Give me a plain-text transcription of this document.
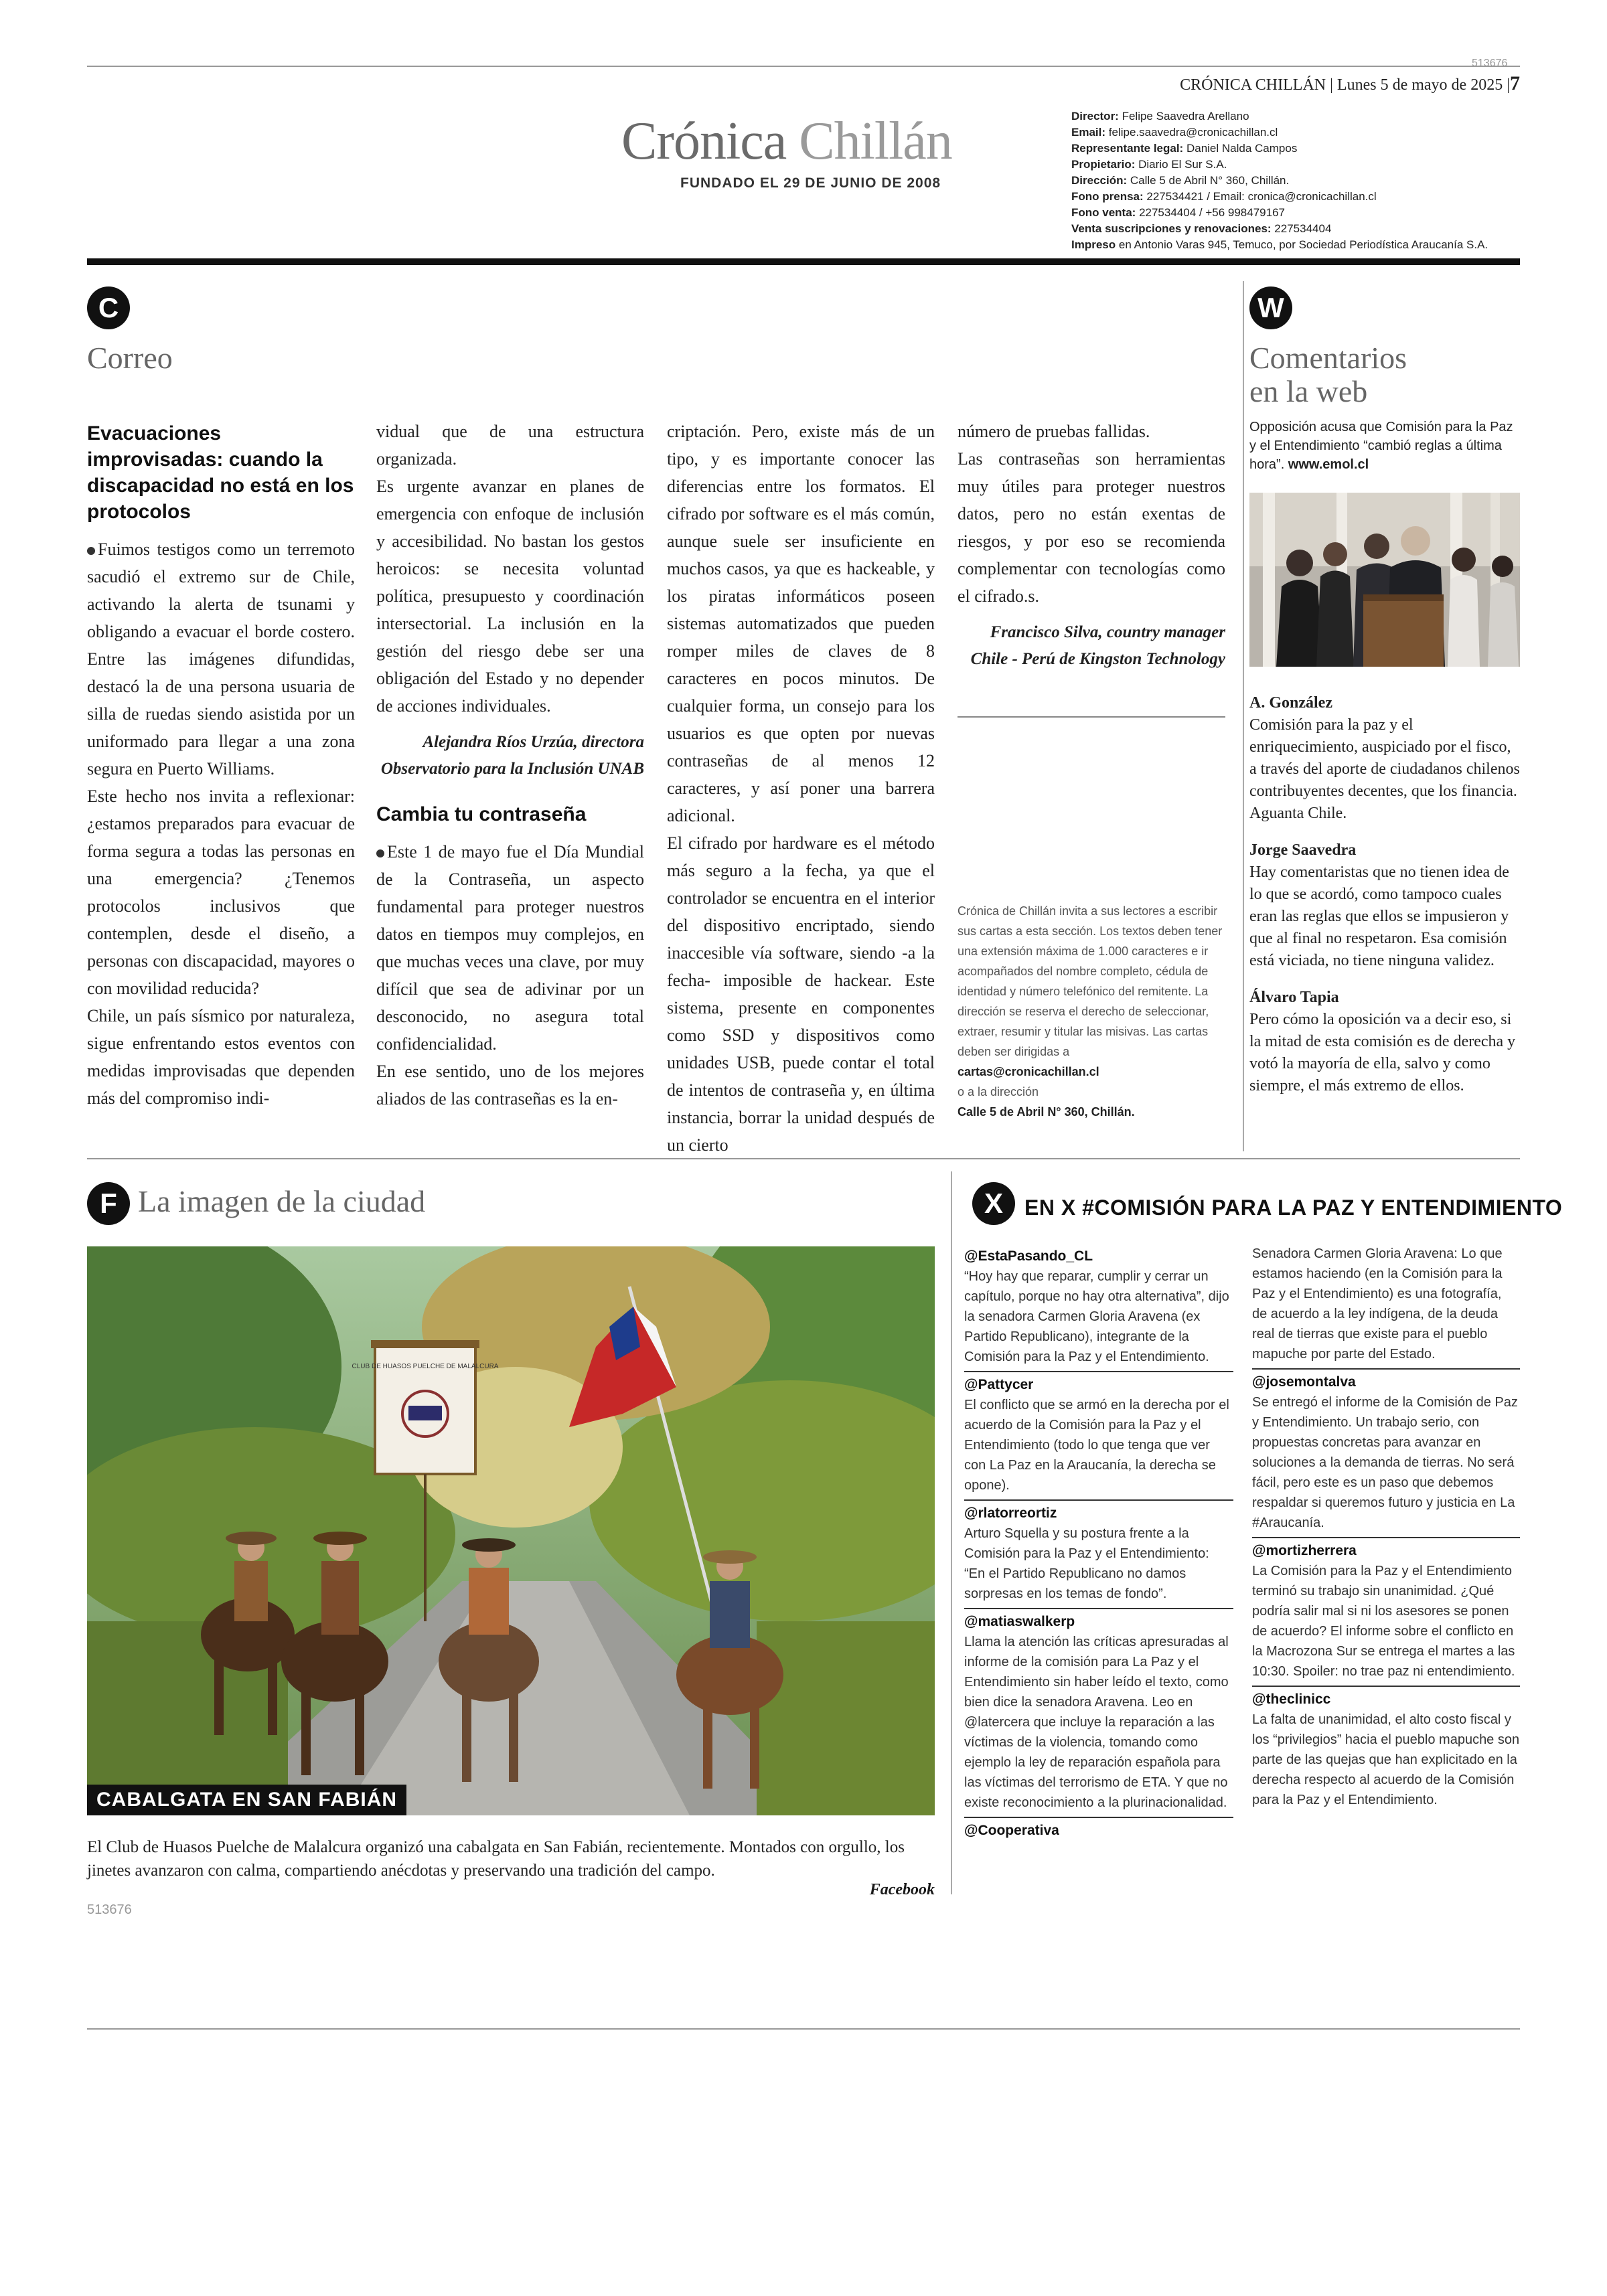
513676
CRÓNICA CHILLÁN | Lunes 5 de mayo de 2025 |7
Crónica Chillán
FUNDADO EL 29 DE JUNIO DE 2008
Director: Felipe Saavedra Arellano
Email: felipe.saavedra@cronicachillan.cl
Representante legal: Daniel Nalda Campos
Propietario: Diario El Sur S.A.
Dirección: Calle 5 de Abril N° 360, Chillán.
Fono prensa: 227534421 / Email: cronica@cronicachillan.cl
Fono venta: 227534404 / +56 998479167
Venta suscripciones y renovaciones: 227534404
Impreso en Antonio Varas 945, Temuco, por Sociedad Periodística Araucanía S.A.
C
Correo
Evacuaciones improvisadas: cuando la discapacidad no está en los protocolos

Fuimos testigos como un terremoto sacudió el extremo sur de Chile, activando la alerta de tsunami y obligando a evacuar el borde costero. Entre las imágenes difundidas, destacó la de una persona usuaria de silla de ruedas siendo asistida por un uniformado para llegar a una zona segura en Puerto Williams.

Este hecho nos invita a reflexionar: ¿estamos preparados para evacuar de forma segura a todas las personas en una emergencia? ¿Tenemos protocolos inclusivos que contemplen, desde el diseño, a personas con discapacidad, mayores o con movilidad reducida?

Chile, un país sísmico por naturaleza, sigue enfrentando estos eventos con medidas improvisadas que dependen más del compromiso indi-

vidual que de una estructura organizada.

Es urgente avanzar en planes de emergencia con enfoque de inclusión y accesibilidad. No bastan los gestos heroicos: se necesita voluntad política, presupuesto y coordinación intersectorial. La inclusión en la gestión del riesgo debe ser una obligación del Estado y no depender de acciones individuales.

Alejandra Ríos Urzúa, directora Observatorio para la Inclusión UNAB
Cambia tu contraseña

Este 1 de mayo fue el Día Mundial de la Contraseña, un aspecto fundamental para proteger nuestros datos en tiempos muy complejos, en que muchas veces una clave, por muy difícil que sea de adivinar por un desconocido, no asegura total confidencialidad.

En ese sentido, uno de los mejores aliados de las contraseñas es la en-

criptación. Pero, existe más de un tipo, y es importante conocer las diferencias entre los formatos. El cifrado por software es el más común, aunque suele ser insuficiente en muchos casos, ya que es hackeable, y los piratas informáticos poseen sistemas automatizados que pueden romper miles de claves de 8 caracteres en pocos minutos. De cualquier forma, un consejo para los usuarios es que opten por nuevas contraseñas de al menos 12 caracteres, y así poner una barrera adicional.

El cifrado por hardware es el método más seguro a la fecha, ya que el controlador se encuentra en el interior del dispositivo encriptado, siendo inaccesible vía software, siendo -a la fecha- imposible de hackear. Este sistema, presente en componentes como SSD y dispositivos como unidades USB, puede contar el total de intentos de contraseña y, en última instancia, borrar la unidad después de un cierto

número de pruebas fallidas.

Las contraseñas son herramientas muy útiles para proteger nuestros datos, pero no están exentas de riesgos, y por eso se recomienda complementar con tecnologías como el cifrado.s.

Francisco Silva, country manager Chile - Perú de Kingston Technology
Crónica de Chillán invita a sus lectores a escribir sus cartas a esta sección. Los textos deben tener una extensión máxima de 1.000 caracteres e ir acompañados del nombre completo, cédula de identidad y número telefónico del remitente. La dirección se reserva el derecho de seleccionar, extraer, resumir y titular las misivas. Las cartas deben ser dirigidas a
cartas@cronicachillan.cl
o a la dirección
Calle 5 de Abril N° 360, Chillán.
W
Comentarios
en la web
Opposición acusa que Comisión para la Paz y el Entendimiento “cambió reglas a última hora”. www.emol.cl
A. González
Comisión para la paz y el enriquecimiento, auspiciado por el fisco, a través del aporte de ciudadanos chilenos contribuyentes decentes, que los financia. Aguanta Chile.
Jorge Saavedra
Hay comentaristas que no tienen idea de lo que se acordó, como tampoco cuales eran las reglas que ellos se impusieron y que al final no respetaron. Esa comisión está viciada, no tiene ninguna validez.
Álvaro Tapia
Pero cómo la oposición va a decir eso, si la mitad de esta comisión es de derecha y votó la mayoría de ella, salvo y como siempre, el más extremo de ellos.
F La imagen de la ciudad
CLUB DE HUASOS PUELCHE DE MALALCURA
CABALGATA EN SAN FABIÁN
El Club de Huasos Puelche de Malalcura organizó una cabalgata en San Fabián, recientemente. Montados con orgullo, los jinetes avanzaron con calma, compartiendo anécdotas y preservando una tradición del campo.
Facebook
513676
X	EN X #COMISIÓN PARA LA PAZ Y ENTENDIMIENTO
@EstaPasando_CL

“Hoy hay que reparar, cumplir y cerrar un capítulo, porque no hay otra alternativa”, dijo la senadora Carmen Gloria Aravena (ex Partido Republicano), integrante de la Comisión para la Paz y el Entendimiento.

@Pattycer

El conflicto que se armó en la derecha por el acuerdo de la Comisión para la Paz y el Entendimiento (todo lo que tenga que ver con La Paz en la Araucanía, la derecha se opone).

@rlatorreortiz

Arturo Squella y su postura frente a la Comisión para la Paz y el Entendimiento: “En el Partido Republicano no damos sorpresas en los temas de fondo”.

@matiaswalkerp

Llama la atención las críticas apresuradas al informe de la comisión para La Paz y el Entendimiento sin haber leído el texto, como bien dice la senadora Aravena. Leo en @latercera que incluye la reparación a las víctimas de la violencia, tomando como ejemplo la ley de reparación española para las víctimas del terrorismo de ETA. Y que no existe reconocimiento a la plurinacionalidad.

@Cooperativa

Senadora Carmen Gloria Aravena: Lo que estamos haciendo (en la Comisión para la Paz y el Entendimiento) es una fotografía, de acuerdo a la ley indígena, de la deuda real de tierras que existe para el pueblo mapuche por parte del Estado.

@josemontalva

Se entregó el informe de la Comisión de Paz y Entendimiento. Un trabajo serio, con propuestas concretas para avanzar en soluciones a la demanda de tierras. No será fácil, pero este es un paso que debemos respaldar si queremos futuro y justicia en La #Araucanía.

@mortizherrera

La Comisión para la Paz y el Entendimiento terminó su trabajo sin unanimidad. ¿Qué podría salir mal si ni los asesores se ponen de acuerdo? El informe sobre el conflicto en la Macrozona Sur se entrega el martes a las 10:30. Spoiler: no trae paz ni entendimiento.

@theclinicc

La falta de unanimidad, el alto costo fiscal y los “privilegios” hacia el pueblo mapuche son parte de las quejas que han explicitado en la derecha respecto al acuerdo de la Comisión para la Paz y el Entendimiento.
